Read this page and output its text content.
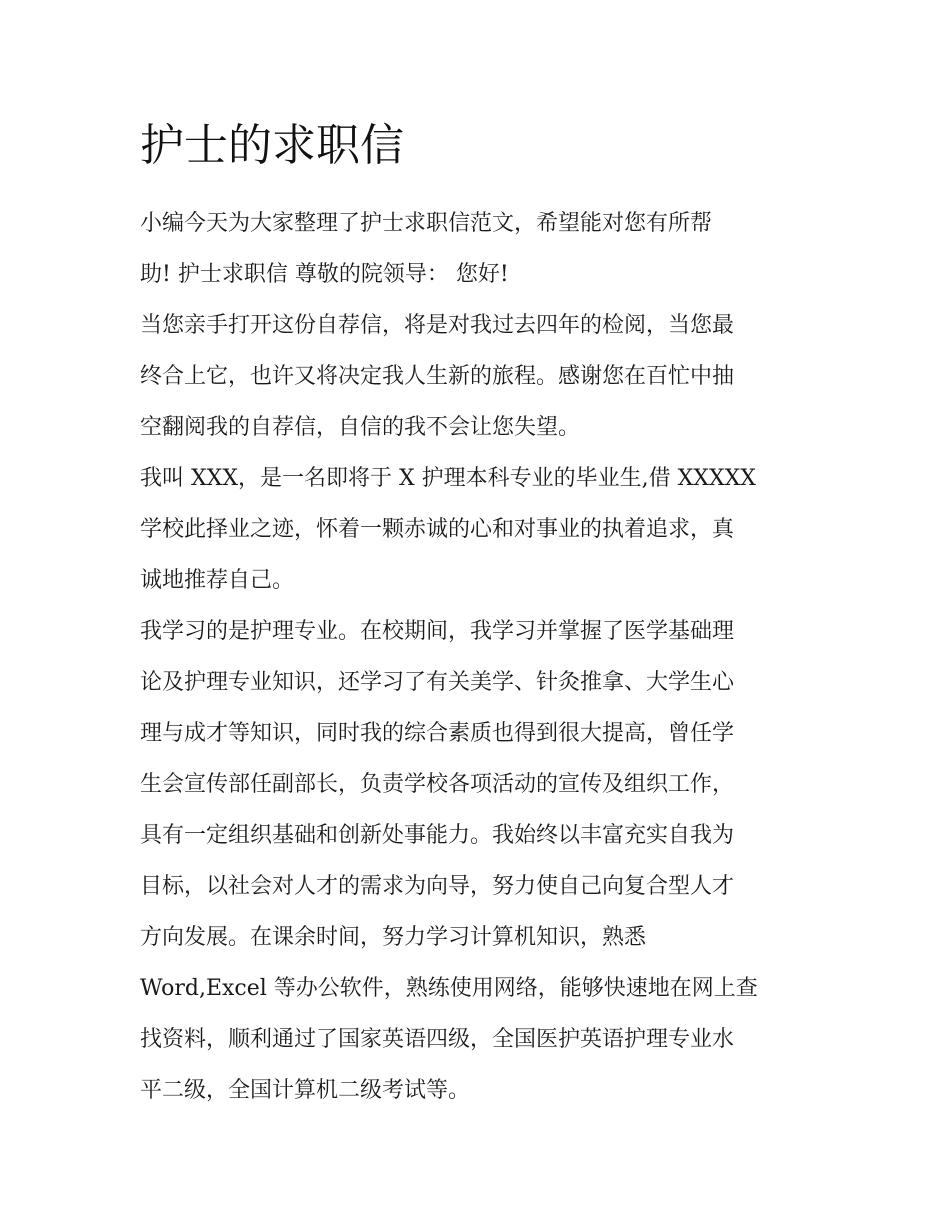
护士的求职信
小编今天为大家整理了护士求职信范文，希望能对您有所帮
助! 护士求职信 尊敬的院领导： 您好!
当您亲手打开这份自荐信，将是对我过去四年的检阅，当您最
终合上它，也许又将决定我人生新的旅程。感谢您在百忙中抽
空翻阅我的自荐信，自信的我不会让您失望。
我叫 XXX，是一名即将于 X 护理本科专业的毕业生,借 XXXXX
学校此择业之迹，怀着一颗赤诚的心和对事业的执着追求，真
诚地推荐自己。
我学习的是护理专业。在校期间，我学习并掌握了医学基础理
论及护理专业知识，还学习了有关美学、针灸推拿、大学生心
理与成才等知识，同时我的综合素质也得到很大提高，曾任学
生会宣传部任副部长，负责学校各项活动的宣传及组织工作，
具有一定组织基础和创新处事能力。我始终以丰富充实自我为
目标，以社会对人才的需求为向导，努力使自己向复合型人才
方向发展。在课余时间，努力学习计算机知识，熟悉
Word,Excel 等办公软件，熟练使用网络，能够快速地在网上查
找资料，顺利通过了国家英语四级，全国医护英语护理专业水
平二级，全国计算机二级考试等。
